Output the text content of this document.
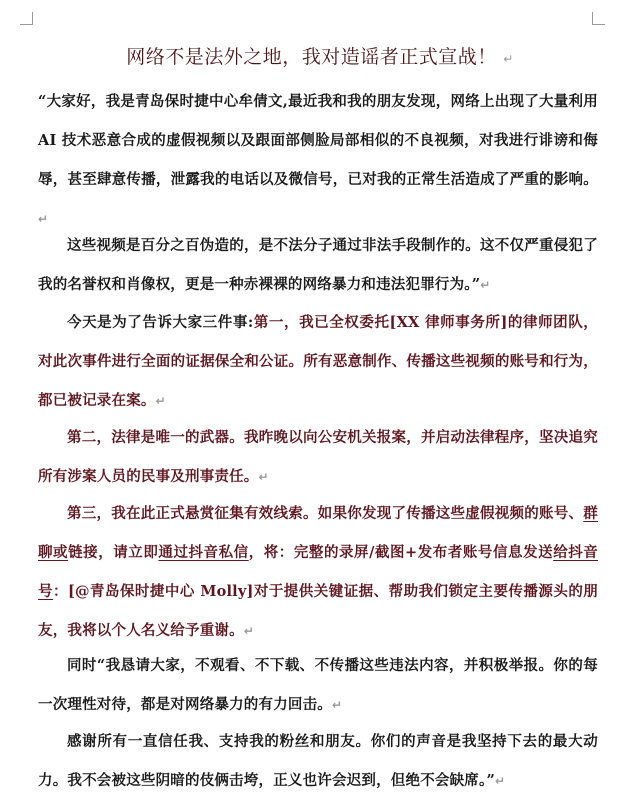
网络不是法外之地，我对造谣者正式宣战！ ↵
“大家好，我是青岛保时捷中心牟倩文,最近我和我的朋友发现，网络上出现了大量利用 AI 技术恶意合成的虚假视频以及跟面部侧脸局部相似的不良视频，对我进行诽谤和侮辱，甚至肆意传播，泄露我的电话以及微信号，已对我的正常生活造成了严重的影响。↵
这些视频是百分之百伪造的，是不法分子通过非法手段制作的。这不仅严重侵犯了我的名誉权和肖像权，更是一种赤裸裸的网络暴力和违法犯罪行为。”↵
今天是为了告诉大家三件事:第一，我已全权委托[XX 律师事务所]的律师团队，对此次事件进行全面的证据保全和公证。所有恶意制作、传播这些视频的账号和行为，都已被记录在案。↵
第二，法律是唯一的武器。我昨晚以向公安机关报案，并启动法律程序，坚决追究所有涉案人员的民事及刑事责任。↵
第三，我在此正式悬赏征集有效线索。如果你发现了传播这些虚假视频的账号、群聊或链接，请立即通过抖音私信，将：完整的录屏/截图+发布者账号信息发送给抖音号：[@青岛保时捷中心 Molly]对于提供关键证据、帮助我们锁定主要传播源头的朋友，我将以个人名义给予重谢。↵
同时“我恳请大家，不观看、不下载、不传播这些违法内容，并积极举报。你的每一次理性对待，都是对网络暴力的有力回击。↵
感谢所有一直信任我、支持我的粉丝和朋友。你们的声音是我坚持下去的最大动力。我不会被这些阴暗的伎俩击垮，正义也许会迟到，但绝不会缺席。”↵
